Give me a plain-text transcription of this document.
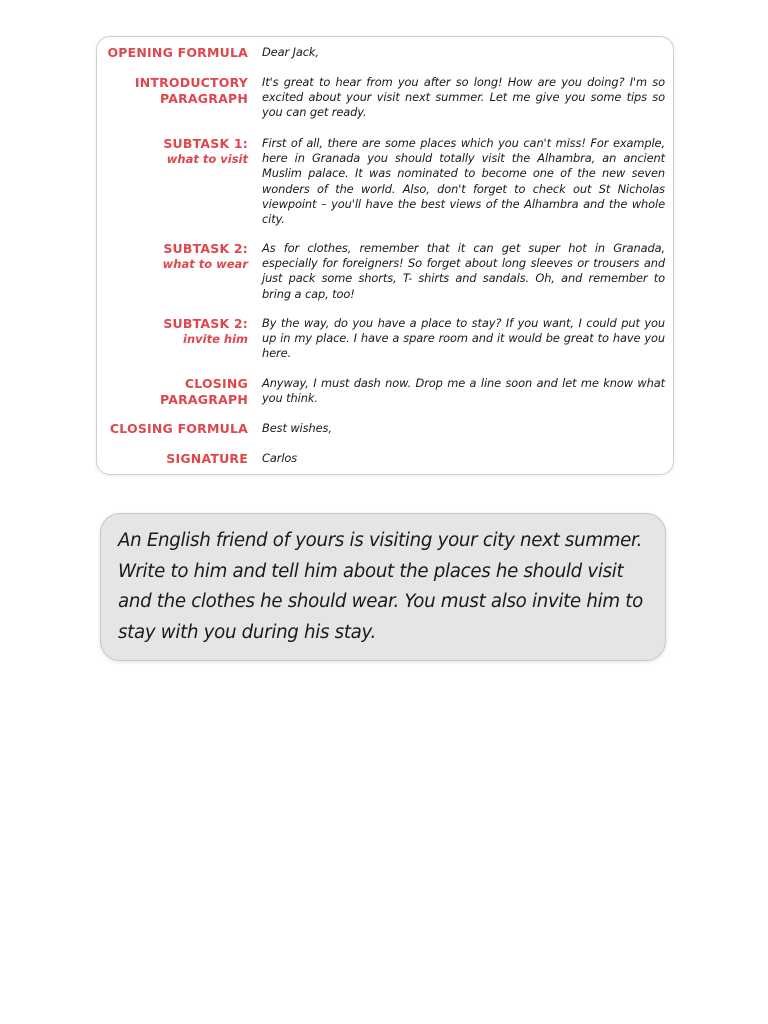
OPENING FORMULA Dear Jack,
INTRODUCTORY PARAGRAPH
It's great to hear from you after so long! How are you doing? I'm so excited about your visit next summer. Let me give you some tips so you can get ready.
SUBTASK 1:
what to visit
First of all, there are some places which you can't miss! For example, here in Granada you should totally visit the Alhambra, an ancient Muslim palace. It was nominated to become one of the new seven wonders of the world. Also, don't forget to check out St Nicholas viewpoint – you'll have the best views of the Alhambra and the whole city.
SUBTASK 2:
what to wear
As for clothes, remember that it can get super hot in Granada, especially for foreigners! So forget about long sleeves or trousers and just pack some shorts, T- shirts and sandals. Oh, and remember to bring a cap, too!
SUBTASK 2:
invite him
By the way, do you have a place to stay? If you want, I could put you up in my place. I have a spare room and it would be great to have you here.
CLOSING PARAGRAPH
Anyway, I must dash now. Drop me a line soon and let me know what you think.
CLOSING FORMULA Best wishes,
SIGNATURE Carlos
An English friend of yours is visiting your city next summer. Write to him and tell him about the places he should visit and the clothes he should wear. You must also invite him to stay with you during his stay.
